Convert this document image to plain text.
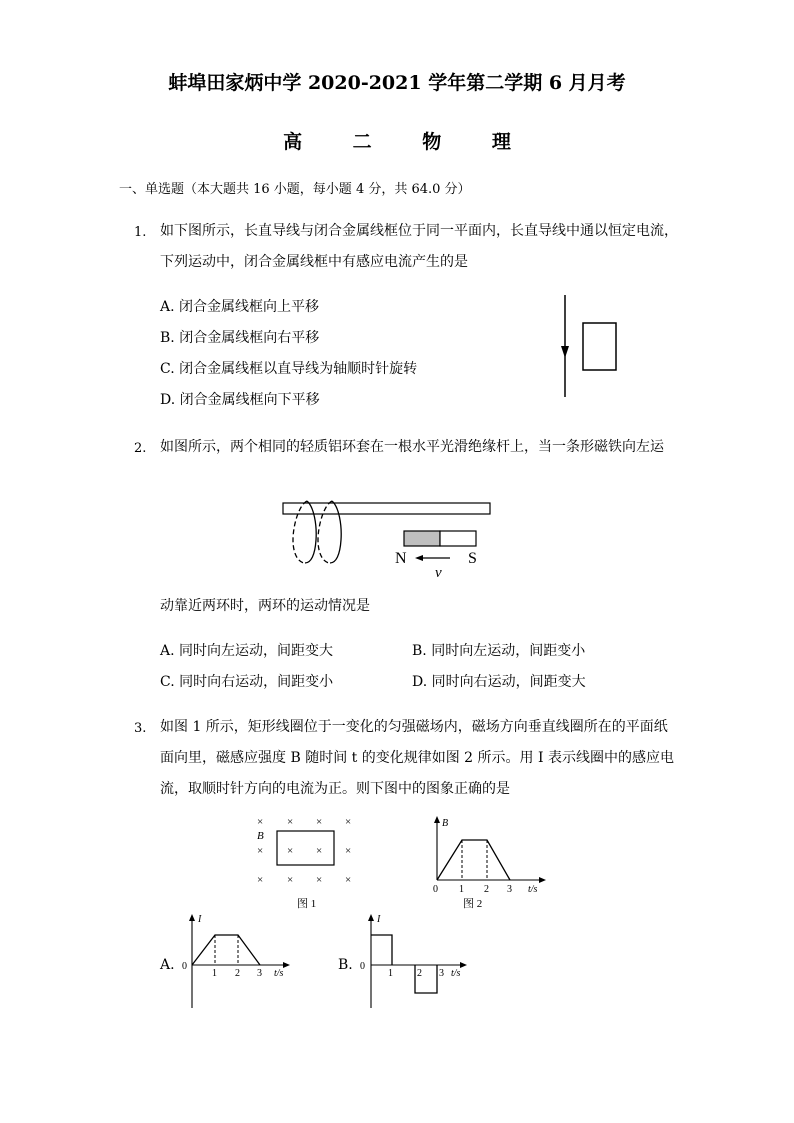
蚌埠田家炳中学 2020-2021 学年第二学期 6 月月考
高 二 物 理
一、单选题（本大题共 16 小题，每小题 4 分，共 64.0 分）
1. 如下图所示，长直导线与闭合金属线框位于同一平面内，长直导线中通以恒定电流，
下列运动中，闭合金属线框中有感应电流产生的是
A. 闭合金属线框向上平移
B. 闭合金属线框向右平移
C. 闭合金属线框以直导线为轴顺时针旋转
D. 闭合金属线框向下平移
2. 如图所示，两个相同的轻质铝环套在一根水平光滑绝缘杆上，当一条形磁铁向左运
N	S
v
动靠近两环时，两环的运动情况是
A. 同时向左运动，间距变大	B. 同时向左运动，间距变小
C. 同时向右运动，间距变小	D. 同时向右运动，间距变大
3. 如图 1 所示，矩形线圈位于一变化的匀强磁场内，磁场方向垂直线圈所在的平面纸
面向里，磁感应强度 B 随时间 t 的变化规律如图 2 所示。用 I 表示线圈中的感应电
流，取顺时针方向的电流为正。则下图中的图象正确的是
× × × ×
× × × ×
× × × ×
B
图 1
B
0 1 2 3 t/s
图 2
A.
I
0
1 2 3 t/s
B.
I
0
1 2 3 t/s
